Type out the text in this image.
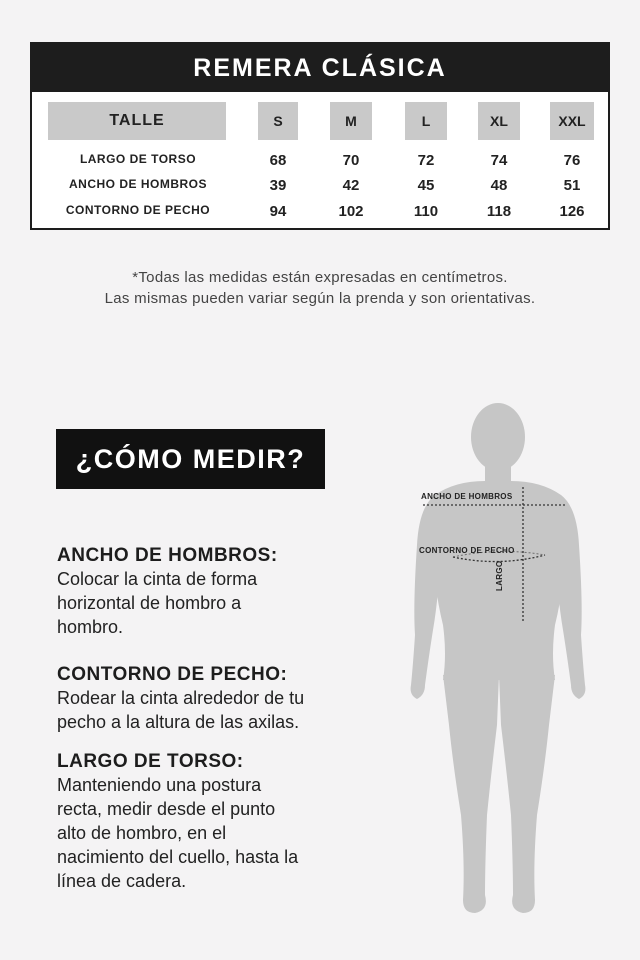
REMERA CLÁSICA
TALLE	S	M	L	XL	XXL
LARGO DE TORSO	68	70	72	74	76
ANCHO DE HOMBROS	39	42	45	48	51
CONTORNO DE PECHO	94	102	110	118	126
*Todas las medidas están expresadas en centímetros.
Las mismas pueden variar según la prenda y son orientativas.
¿CÓMO MEDIR?
ANCHO DE HOMBROS:
Colocar la cinta de forma
horizontal de hombro a
hombro.
CONTORNO DE PECHO:
Rodear la cinta alrededor de tu
pecho a la altura de las axilas.
LARGO DE TORSO:
Manteniendo una postura
recta, medir desde el punto
alto de hombro, en el
nacimiento del cuello, hasta la
línea de cadera.
ANCHO DE HOMBROS
CONTORNO DE PECHO
LARGO
